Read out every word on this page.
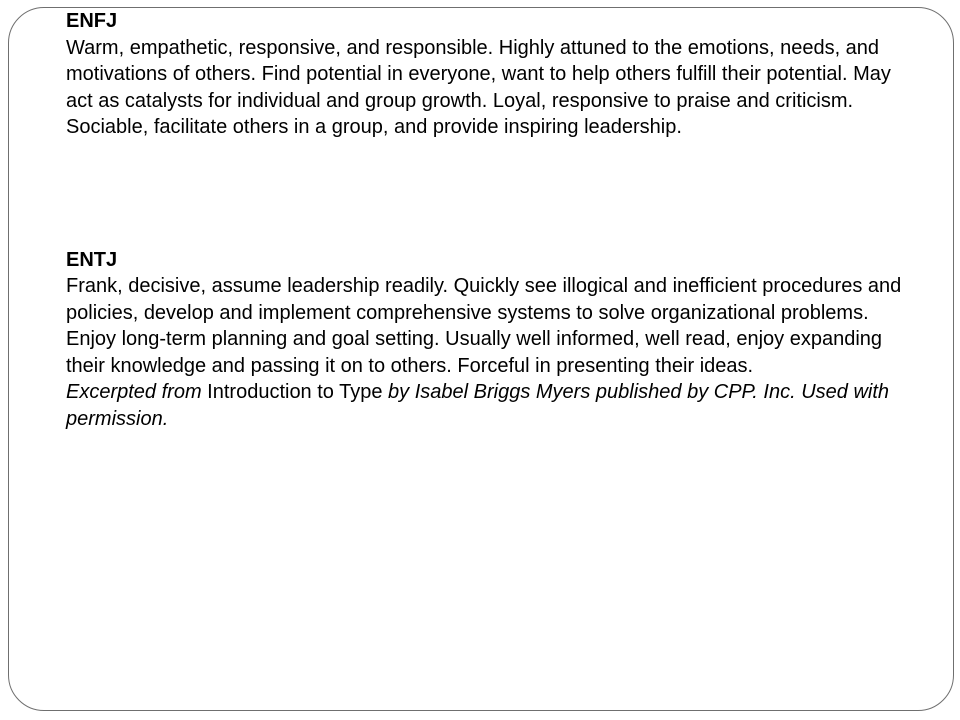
ENFJ

Warm, empathetic, responsive, and responsible. Highly attuned to the emotions, needs, and motivations of others. Find potential in everyone, want to help others fulfill their potential. May act as catalysts for individual and group growth. Loyal, responsive to praise and criticism. Sociable, facilitate others in a group, and provide inspiring leadership.

ENTJ

Frank, decisive, assume leadership readily. Quickly see illogical and inefficient procedures and policies, develop and implement comprehensive systems to solve organizational problems. Enjoy long-term planning and goal setting. Usually well informed, well read, enjoy expanding their knowledge and passing it on to others. Forceful in presenting their ideas.

Excerpted from Introduction to Type by Isabel Briggs Myers published by CPP. Inc. Used with permission.
